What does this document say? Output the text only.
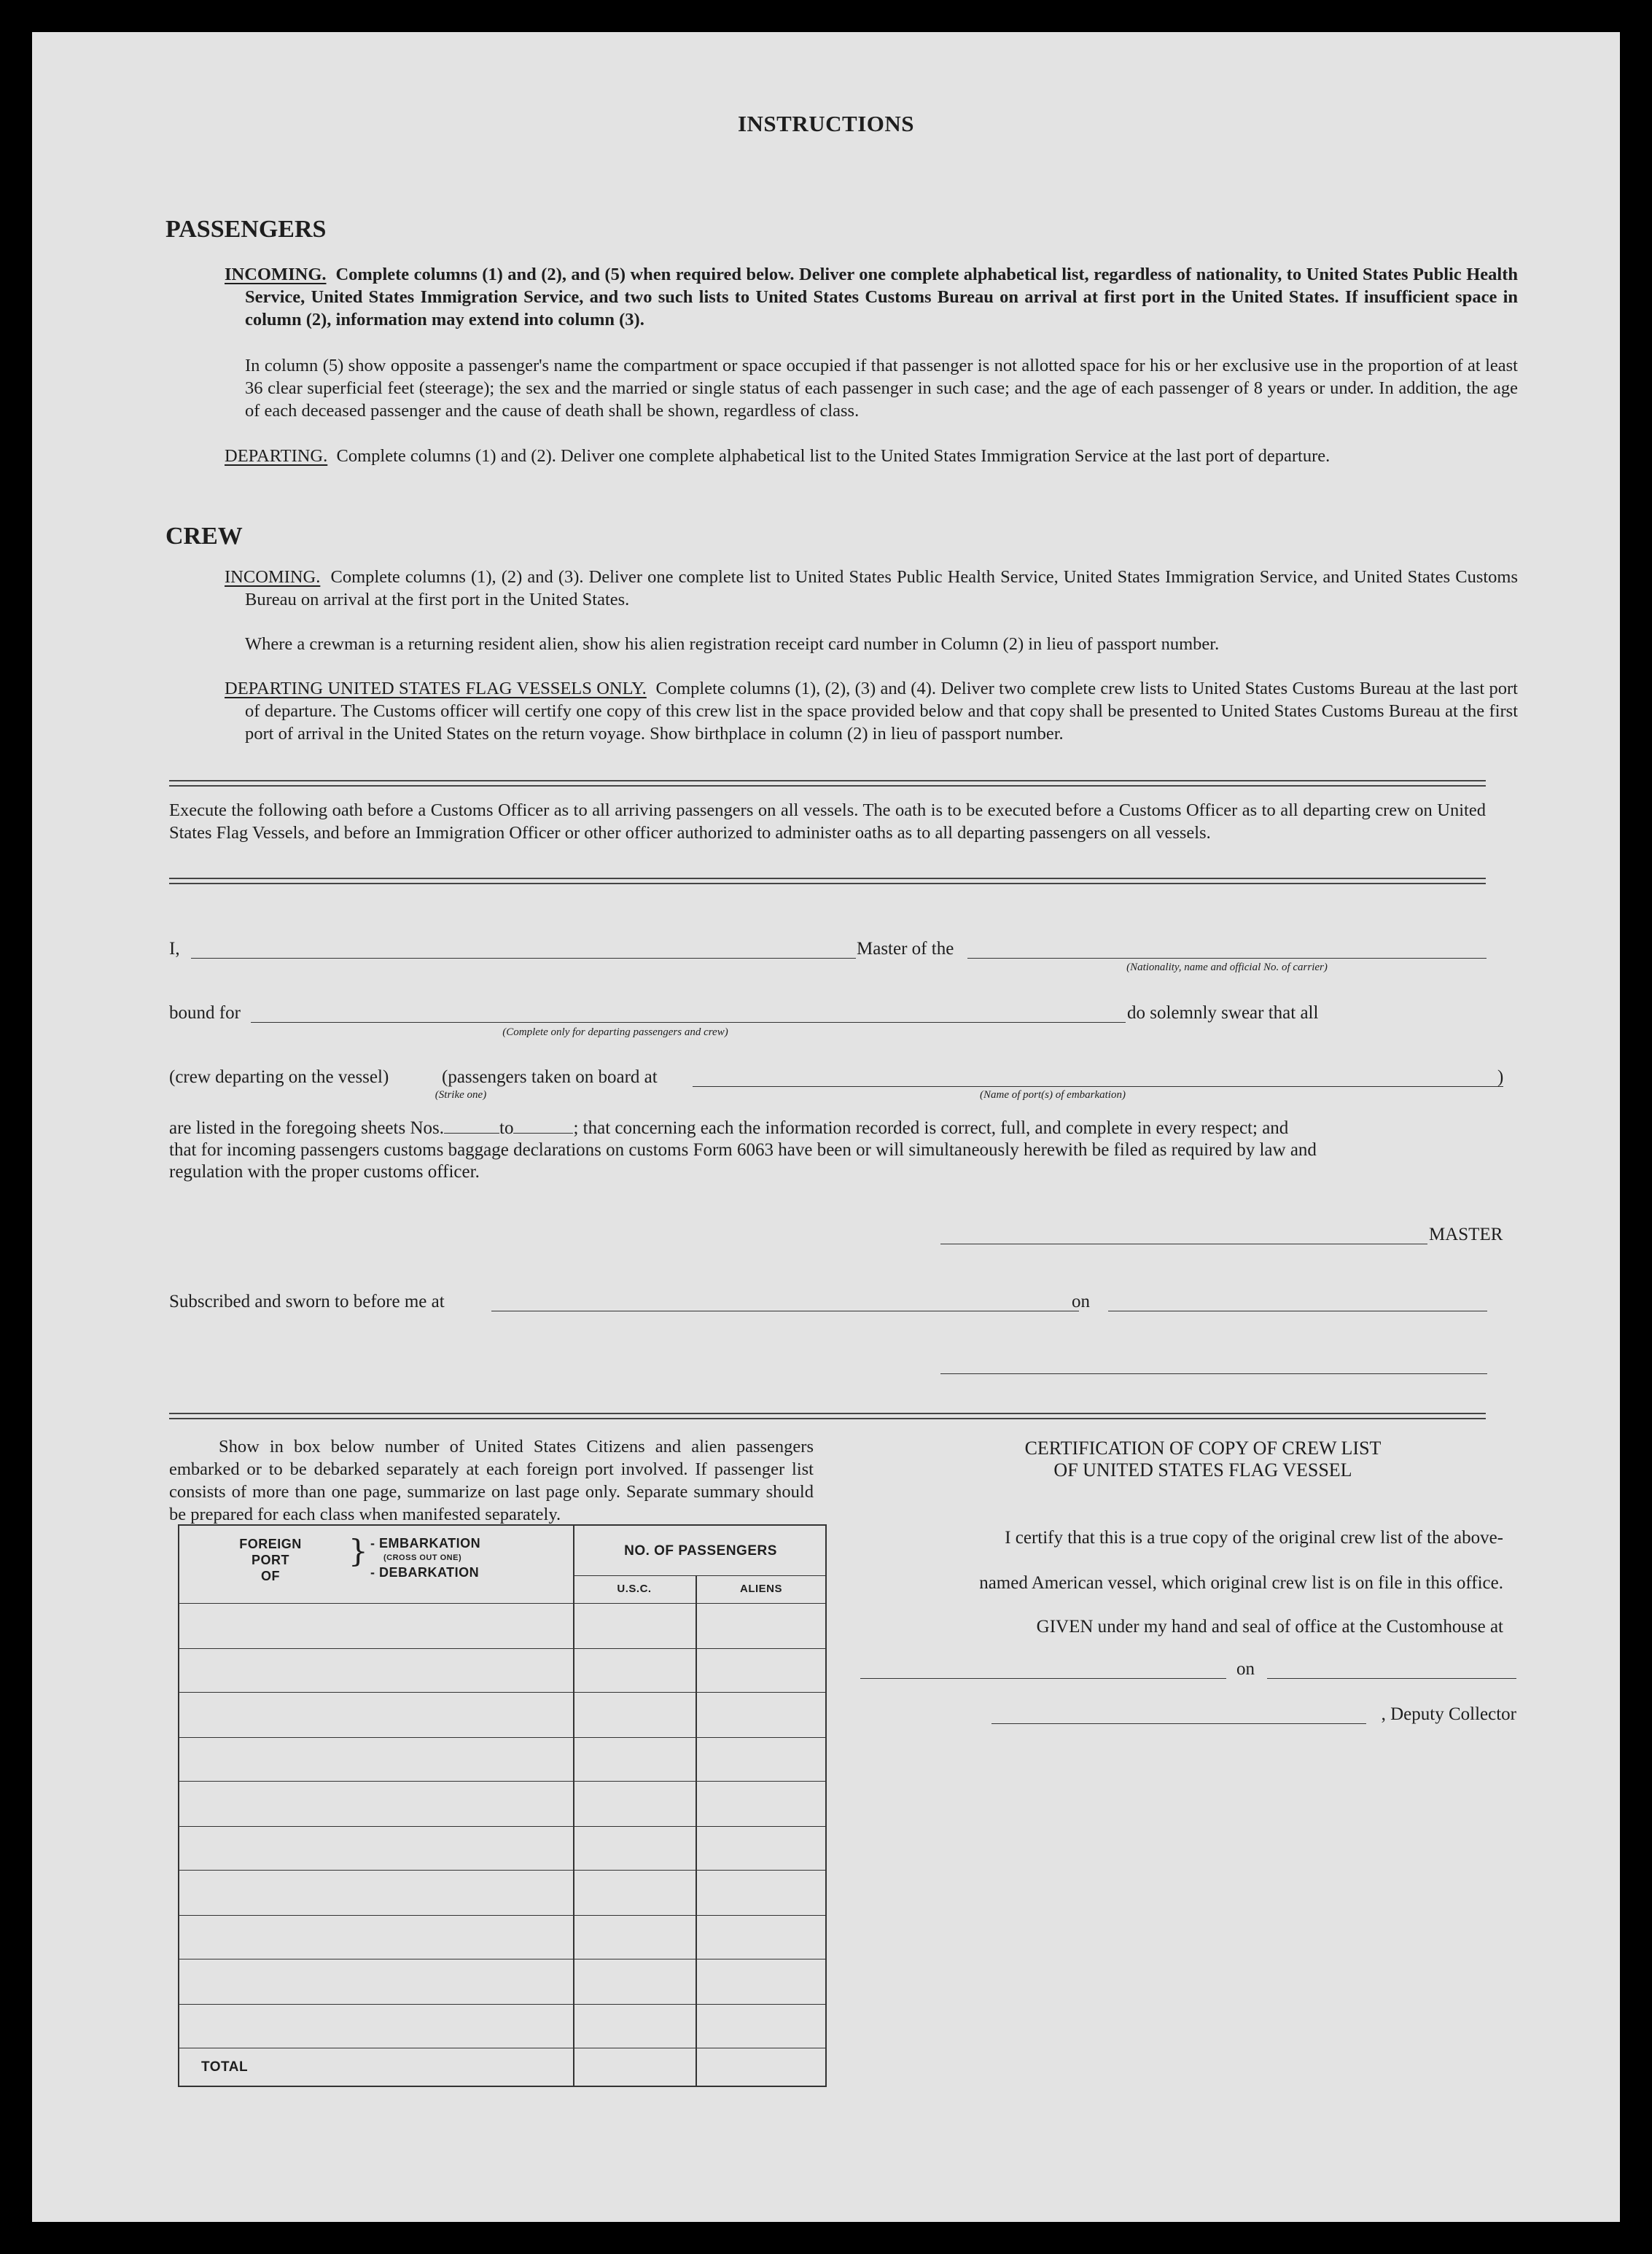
INSTRUCTIONS
PASSENGERS
INCOMING. Complete columns (1) and (2), and (5) when required below. Deliver one complete alphabetical list, regardless of nationality, to United States Public Health Service, United States Immigration Service, and two such lists to United States Customs Bureau on arrival at first port in the United States. If insufficient space in column (2), information may extend into column (3).
In column (5) show opposite a passenger's name the compartment or space occupied if that passenger is not allotted space for his or her exclusive use in the proportion of at least 36 clear superficial feet (steerage); the sex and the married or single status of each passenger in such case; and the age of each passenger of 8 years or under. In addition, the age of each deceased passenger and the cause of death shall be shown, regardless of class.
DEPARTING. Complete columns (1) and (2). Deliver one complete alphabetical list to the United States Immigration Service at the last port of departure.
CREW
INCOMING. Complete columns (1), (2) and (3). Deliver one complete list to United States Public Health Service, United States Immigration Service, and United States Customs Bureau on arrival at the first port in the United States.
Where a crewman is a returning resident alien, show his alien registration receipt card number in Column (2) in lieu of passport number.
DEPARTING UNITED STATES FLAG VESSELS ONLY. Complete columns (1), (2), (3) and (4). Deliver two complete crew lists to United States Customs Bureau at the last port of departure. The Customs officer will certify one copy of this crew list in the space provided below and that copy shall be presented to United States Customs Bureau at the first port of arrival in the United States on the return voyage. Show birthplace in column (2) in lieu of passport number.
Execute the following oath before a Customs Officer as to all arriving passengers on all vessels. The oath is to be executed before a Customs Officer as to all departing crew on United States Flag Vessels, and before an Immigration Officer or other officer authorized to administer oaths as to all departing passengers on all vessels.
I,	Master of the
(Nationality, name and official No. of carrier)
bound for
(Complete only for departing passengers and crew)
do solemnly swear that all
(crew departing on the vessel)	(passengers taken on board at
(Strike one)	(Name of port(s) of embarkation)
)
are listed in the foregoing sheets Nos.	to	; that concerning each the information recorded is correct, full, and complete in every respect; and
that for incoming passengers customs baggage declarations on customs Form 6063 have been or will simultaneously herewith be filed as required by law and
regulation with the proper customs officer.
MASTER
Subscribed and sworn to before me at	on
Show in box below number of United States Citizens and alien passengers embarked or to be debarked separately at each foreign port involved. If passenger list consists of more than one page, summarize on last page only. Separate summary should be prepared for each class when manifested separately.
FOREIGN
PORT
OF
} - EMBARKATION
(CROSS OUT ONE)
- DEBARKATION
NO. OF PASSENGERS
U.S.C.	ALIENS
TOTAL
CERTIFICATION OF COPY OF CREW LIST
OF UNITED STATES FLAG VESSEL
I certify that this is a true copy of the original crew list of the above-
named American vessel, which original crew list is on file in this office.
GIVEN under my hand and seal of office at the Customhouse at
on
, Deputy Collector
